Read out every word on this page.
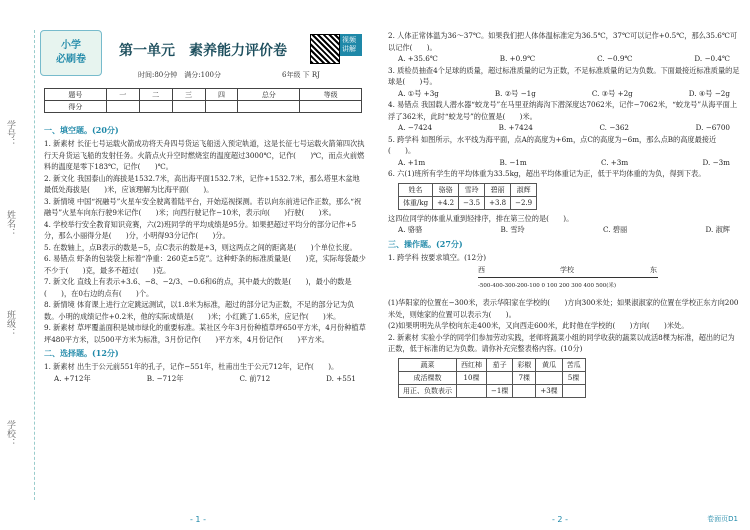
学号：
姓名：
班级：
学校：
小学
必刷卷
第一单元　素养能力评价卷
视频讲解
时间:80分钟　满分:100分	6年级 下 RJ
题号	一	二	三	四	总分	等级
得分						
一、填空题。(20分)

1. 新素材 长征七号运载火箭成功将天舟四号货运飞船送入预定轨道，这是长征七号运载火箭第四次执行天舟货运飞船的发射任务。火箭点火升空时燃烧室的温度超过3000℃，记作(　　)℃，而点火前燃料的温度是零下183℃，记作(　　)℃。

2. 新文化 我国泰山的海拔是1532.7米，高出海平面1532.7米，记作+1532.7米，那么塔里木盆地最低处海拔是(　　)米，应该理解为比海平面(　　)。

3. 新情境 中国“祝融号”火星车安全驶离着陆平台，开始巡视探测。若以向东前进记作正数，那么“祝融号”火星车向东行驶9米记作(　　)米；向西行驶记作−10米，表示向(　　)行驶(　　)米。

4. 学校举行安全教育知识竞赛，六(2)班同学的平均成绩是95分。如果把超过平均分的部分记作+5分，那么小丽得分是(　　)分，小明得93分记作(　　)分。

5. 在数轴上，点B表示的数是−5，点C表示的数是+3，则这两点之间的距离是(　　)个单位长度。

6. 易错点 虾条的包装袋上标着“净重：260克±5克”。这种虾条的标准质量是(　　)克，实际每袋最少不少于(　　)克，最多不超过(　　)克。

7. 新文化 直线上有表示+3.6、−8、−2/3、−0.6和6的点，其中最大的数是(　　)，最小的数是(　　)，在0右边的点有(　　)个。

8. 新情境 体育课上进行立定跳远测试，以1.8米为标准，超过的部分记为正数，不足的部分记为负数。小明的成绩记作+0.2米，他的实际成绩是(　　)米；小红跳了1.65米，应记作(　　)米。

9. 新素材 草坪覆盖面积是城市绿化的重要标准。某社区今年3月份种植草坪650平方米，4月份种植草坪480平方米，以500平方米为标准，3月份记作(　　)平方米，4月份记作(　　)平方米。

二、选择题。(12分)

1. 新素材 出生于公元前551年的孔子，记作−551年，杜甫出生于公元712年，记作(　　)。

A. +712年	B. −712年	C. 前712	D. +551
- 1 -

2. 人体正常体温为36～37℃。如果我们把人体体温标准定为36.5℃，37℃可以记作+0.5℃，那么35.6℃可以记作(　　)。

A. +35.6℃	B. +0.9℃	C. −0.9℃	D. −0.4℃

3. 质检员抽查4个足球的质量，超过标准质量的记为正数，不足标准质量的记为负数。下面最接近标准质量的足球是(　　)号。

A. ①号 +3g	B. ②号 −1g	C. ③号 +2g	D. ④号 −2g

4. 易错点 我国载人潜水器“蛟龙号”在马里亚纳海沟下潜深度达7062米，记作−7062米，“蛟龙号”从海平面上浮了362米，此时“蛟龙号”的位置是(　　)米。

A. −7424	B. +7424	C. −362	D. −6700

5. 跨学科 如图所示，水平线为海平面，点A的高度为+6m，点C的高度为−6m，那么点B的高度最接近(　　)。

A. +1m	B. −1m	C. +3m	D. −3m

6. 六(1)班所有学生的平均体重为33.5kg，超出平均体重记为正，低于平均体重的为负，得到下表。

姓名	骆骆	雪玲	碧丽	淑辉
体重/kg	+4.2	−3.5	+3.8	−2.9

这四位同学的体重从重到轻排序，排在第三位的是(　　)。

A. 骆骆	B. 雪玲	C. 碧丽	D. 淑辉
三、操作题。(27分)

1. 跨学科 按要求填空。(12分)

西	学校	东
-500-400-300-200-100 0 100 200 300 400 500(米)

(1)华阳家的位置在−300米，表示华阳家在学校的(　　)方向300米处；如果淑淑家的位置在学校正东方向200米处，则她家的位置可以表示为(　　)。

(2)如果明明先从学校向东走400米，又向西走600米，此时他在学校的(　　)方向(　　)米处。

2. 新素材 实验小学的同学们参加劳动实践，老师将蔬菜小组的同学收获的蔬菜以成活8棵为标准，超出的记为正数，低于标准的记为负数。请你补充完整表格内容。(10分)

蔬菜	西红柿	茄子	彩椒	黄瓜	苦瓜
成活棵数	10棵		7棵		5棵
用正、负数表示		−1棵		+3棵	
- 2 -	卷面页D1
